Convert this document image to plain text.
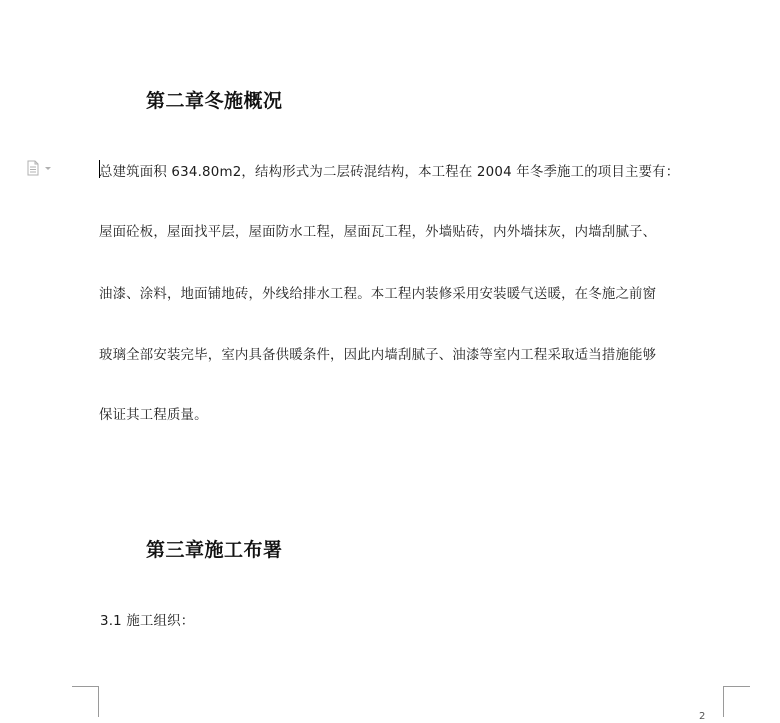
第二章冬施概况
总建筑面积 634.80m2，结构形式为二层砖混结构，本工程在 2004 年冬季施工的项目主要有：
屋面砼板，屋面找平层，屋面防水工程，屋面瓦工程，外墙贴砖，内外墙抹灰，内墙刮腻子、
油漆、涂料，地面铺地砖，外线给排水工程。本工程内装修采用安装暖气送暖，在冬施之前窗
玻璃全部安装完毕，室内具备供暖条件，因此内墙刮腻子、油漆等室内工程采取适当措施能够
保证其工程质量。
第三章施工布署
3.1 施工组织：
2
